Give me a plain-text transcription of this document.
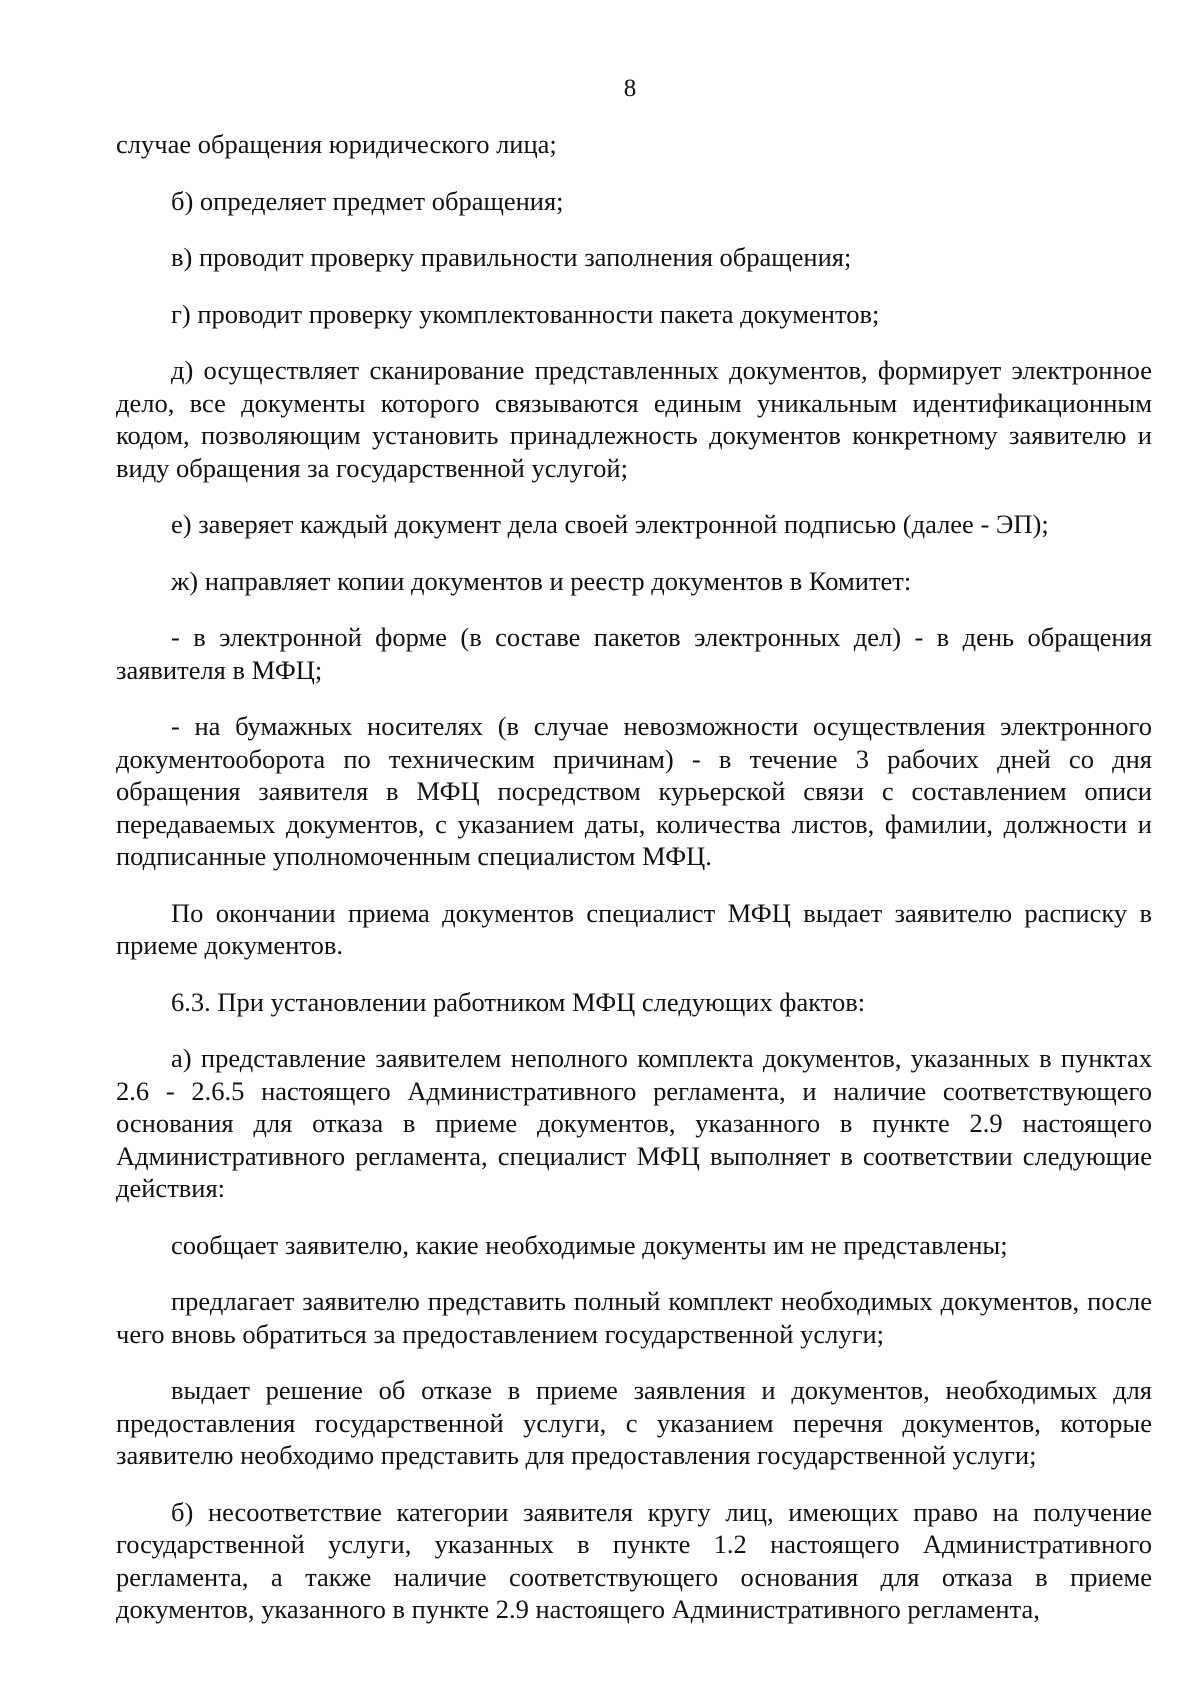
8

случае обращения юридического лица;

б) определяет предмет обращения;

в) проводит проверку правильности заполнения обращения;

г) проводит проверку укомплектованности пакета документов;

д) осуществляет сканирование представленных документов, формирует электронное дело, все документы которого связываются единым уникальным идентификационным кодом, позволяющим установить принадлежность документов конкретному заявителю и виду обращения за государственной услугой;

е) заверяет каждый документ дела своей электронной подписью (далее - ЭП);

ж) направляет копии документов и реестр документов в Комитет:

- в электронной форме (в составе пакетов электронных дел) - в день обращения заявителя в МФЦ;

- на бумажных носителях (в случае невозможности осуществления электронного документооборота по техническим причинам) - в течение 3 рабочих дней со дня обращения заявителя в МФЦ посредством курьерской связи с составлением описи передаваемых документов, с указанием даты, количества листов, фамилии, должности и подписанные уполномоченным специалистом МФЦ.

По окончании приема документов специалист МФЦ выдает заявителю расписку в приеме документов.

6.3. При установлении работником МФЦ следующих фактов:

а) представление заявителем неполного комплекта документов, указанных в пунктах 2.6 - 2.6.5 настоящего Административного регламента, и наличие соответствующего основания для отказа в приеме документов, указанного в пункте 2.9 настоящего Административного регламента, специалист МФЦ выполняет в соответствии следующие действия:

сообщает заявителю, какие необходимые документы им не представлены;

предлагает заявителю представить полный комплект необходимых документов, после чего вновь обратиться за предоставлением государственной услуги;

выдает решение об отказе в приеме заявления и документов, необходимых для предоставления государственной услуги, с указанием перечня документов, которые заявителю необходимо представить для предоставления государственной услуги;

б) несоответствие категории заявителя кругу лиц, имеющих право на получение государственной услуги, указанных в пункте 1.2 настоящего Административного регламента, а также наличие соответствующего основания для отказа в приеме документов, указанного в пункте 2.9 настоящего Административного регламента,
